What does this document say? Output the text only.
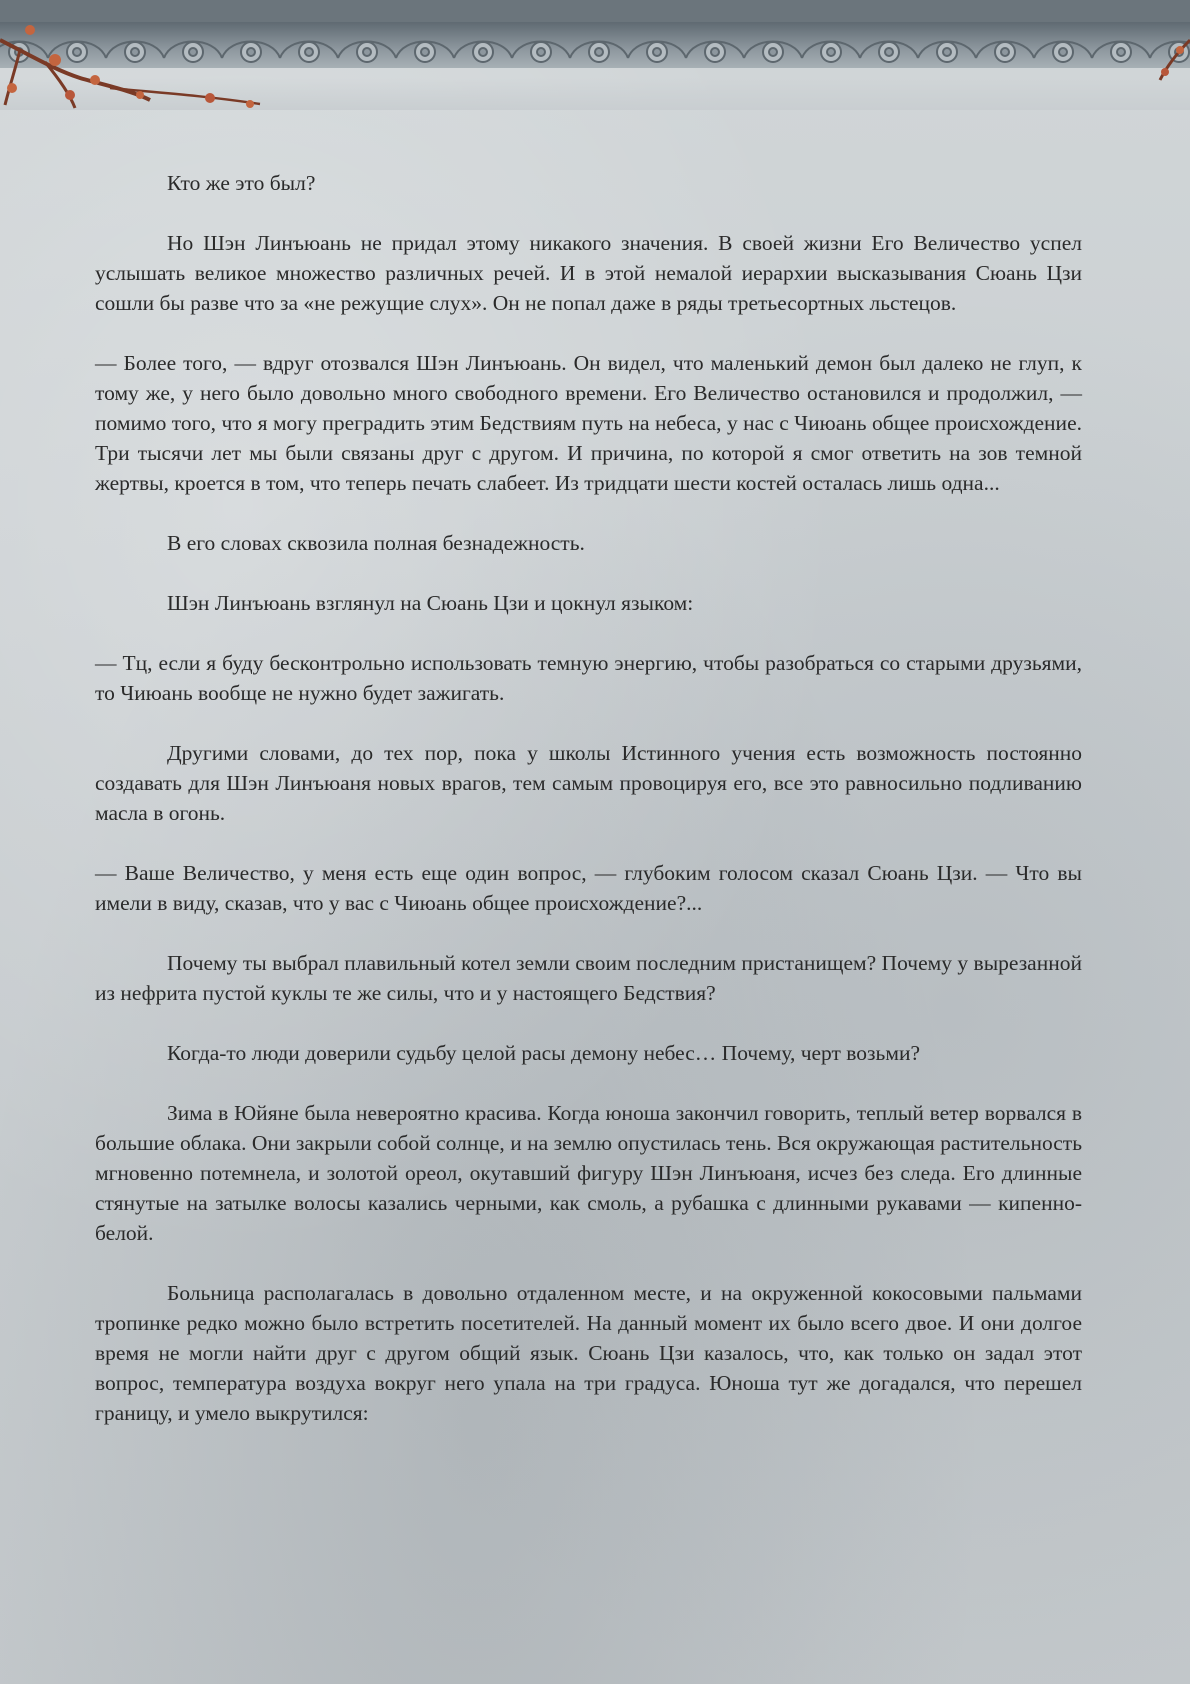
Кто же это был?

Но Шэн Линъюань не придал этому никакого значения. В своей жизни Его Величество успел услышать великое множество различных речей. И в этой немалой иерархии высказывания Сюань Цзи сошли бы разве что за «не режущие слух». Он не попал даже в ряды третьесортных льстецов.

— Более того, — вдруг отозвался Шэн Линъюань. Он видел, что маленький демон был далеко не глуп, к тому же, у него было довольно много свободного времени. Его Величество остановился и продолжил, — помимо того, что я могу преградить этим Бедствиям путь на небеса, у нас с Чиюань общее происхождение. Три тысячи лет мы были связаны друг с другом. И причина, по которой я смог ответить на зов темной жертвы, кроется в том, что теперь печать слабеет. Из тридцати шести костей осталась лишь одна...

В его словах сквозила полная безнадежность.

Шэн Линъюань взглянул на Сюань Цзи и цокнул языком:

— Тц, если я буду бесконтрольно использовать темную энергию, чтобы разобраться со старыми друзьями, то Чиюань вообще не нужно будет зажигать.

Другими словами, до тех пор, пока у школы Истинного учения есть возможность постоянно создавать для Шэн Линъюаня новых врагов, тем самым провоцируя его, все это равносильно подливанию масла в огонь.

— Ваше Величество, у меня есть еще один вопрос, — глубоким голосом сказал Сюань Цзи. — Что вы имели в виду, сказав, что у вас с Чиюань общее происхождение?...

Почему ты выбрал плавильный котел земли своим последним пристанищем? Почему у вырезанной из нефрита пустой куклы те же силы, что и у настоящего Бедствия?

Когда-то люди доверили судьбу целой расы демону небес… Почему, черт возьми?

Зима в Юйяне была невероятно красива. Когда юноша закончил говорить, теплый ветер ворвался в большие облака. Они закрыли собой солнце, и на землю опустилась тень. Вся окружающая растительность мгновенно потемнела, и золотой ореол, окутавший фигуру Шэн Линъюаня, исчез без следа. Его длинные стянутые на затылке волосы казались черными, как смоль, а рубашка с длинными рукавами — кипенно-белой.

Больница располагалась в довольно отдаленном месте, и на окруженной кокосовыми пальмами тропинке редко можно было встретить посетителей. На данный момент их было всего двое. И они долгое время не могли найти друг с другом общий язык. Сюань Цзи казалось, что, как только он задал этот вопрос, температура воздуха вокруг него упала на три градуса. Юноша тут же догадался, что перешел границу, и умело выкрутился:
